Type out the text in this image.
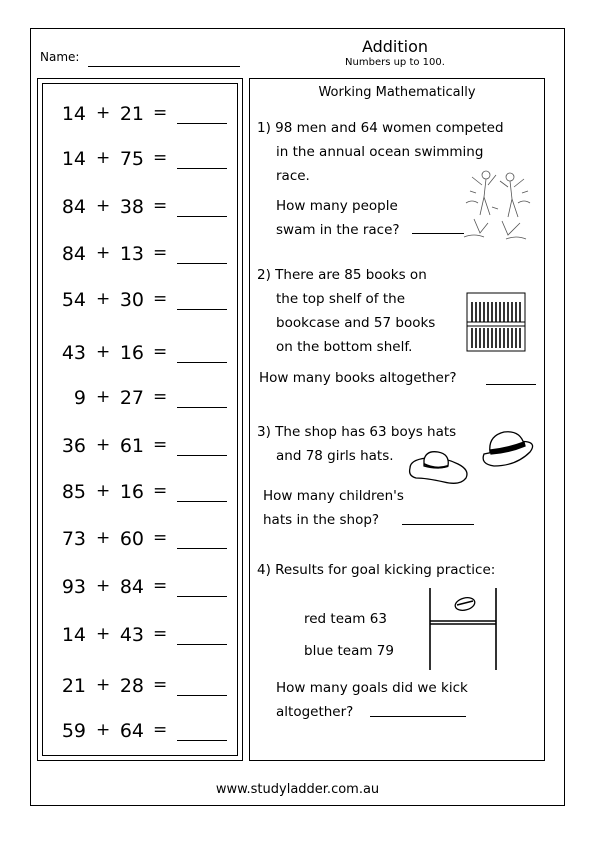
Name:
Addition
Numbers up to 100.
14 + 21 =
14 + 75 =
84 + 38 =
84 + 13 =
54 + 30 =
43 + 16 =
9 + 27 =
36 + 61 =
85 + 16 =
73 + 60 =
93 + 84 =
14 + 43 =
21 + 28 =
59 + 64 =
Working Mathematically
1) 98 men and 64 women competed
in the annual ocean swimming
race.
How many people
swam in the race?
2) There are 85 books on
the top shelf of the
bookcase and 57 books
on the bottom shelf.
How many books altogether?
3) The shop has 63 boys hats
and 78 girls hats.
How many children's
hats in the shop?
4) Results for goal kicking practice:
red team 63
blue team 79
How many goals did we kick
altogether?
www.studyladder.com.au
